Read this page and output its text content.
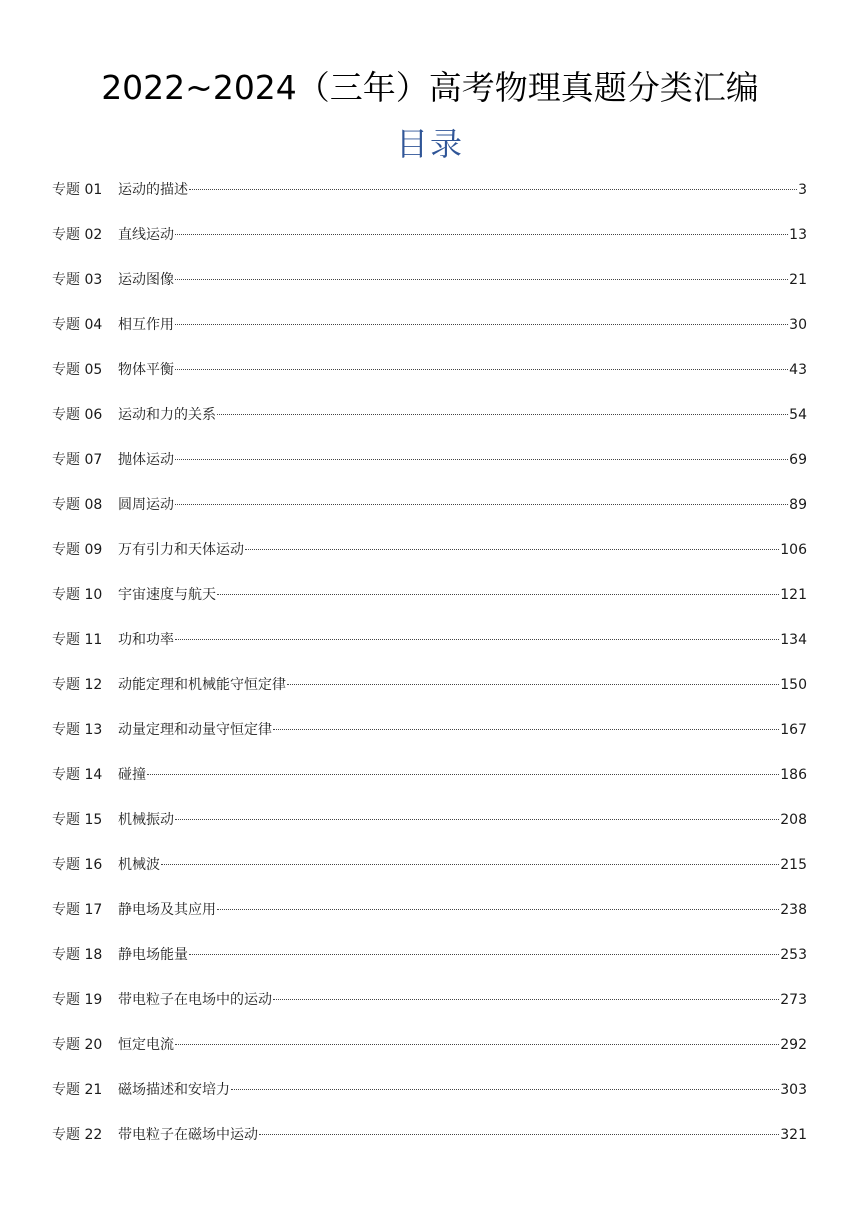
2022~2024（三年）高考物理真题分类汇编
目录
专题 01	运动的描述	3
专题 02	直线运动	13
专题 03	运动图像	21
专题 04	相互作用	30
专题 05	物体平衡	43
专题 06	运动和力的关系	54
专题 07	抛体运动	69
专题 08	圆周运动	89
专题 09	万有引力和天体运动	106
专题 10	宇宙速度与航天	121
专题 11	功和功率	134
专题 12	动能定理和机械能守恒定律	150
专题 13	动量定理和动量守恒定律	167
专题 14	碰撞	186
专题 15	机械振动	208
专题 16	机械波	215
专题 17	静电场及其应用	238
专题 18	静电场能量	253
专题 19	带电粒子在电场中的运动	273
专题 20	恒定电流	292
专题 21	磁场描述和安培力	303
专题 22	带电粒子在磁场中运动	321
